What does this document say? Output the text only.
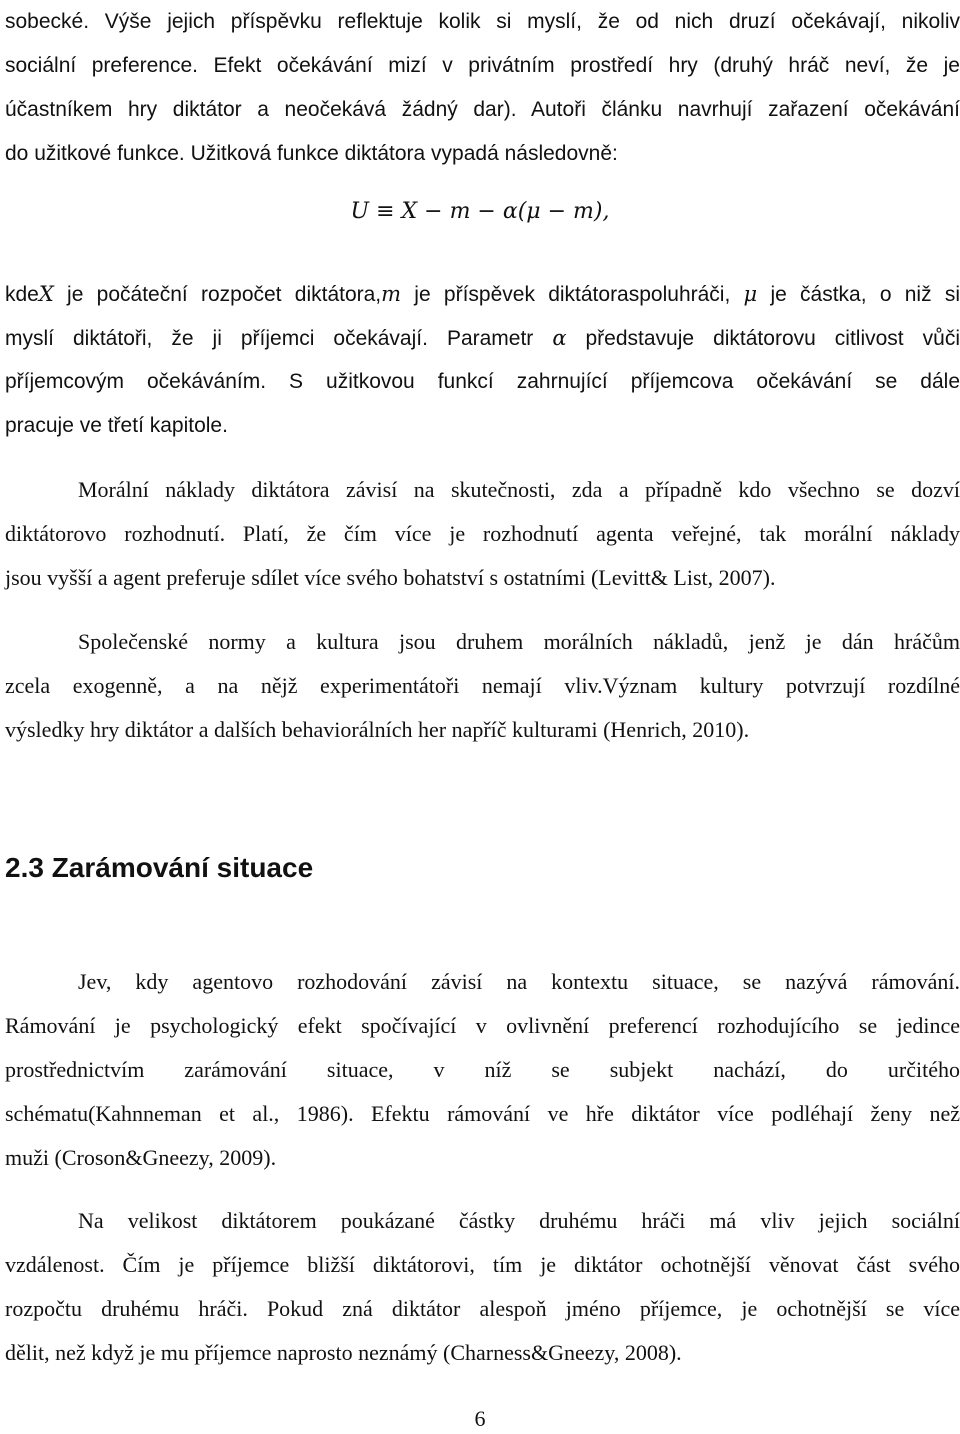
sobecké. Výše jejich příspěvku reflektuje kolik si myslí, že od nich druzí očekávají, nikoliv
sociální preference. Efekt očekávání mizí v privátním prostředí hry (druhý hráč neví, že je
účastníkem hry diktátor a neočekává žádný dar). Autoři článku navrhují zařazení očekávání
do užitkové funkce. Užitková funkce diktátora vypadá následovně:
U ≡ X − m − α(μ − m),
kdeX je počáteční rozpočet diktátora,m je příspěvek diktátoraspoluhráči, μ je částka, o niž si
myslí diktátoři, že ji příjemci očekávají. Parametr α představuje diktátorovu citlivost vůči
příjemcovým očekáváním. S užitkovou funkcí zahrnující příjemcova očekávání se dále
pracuje ve třetí kapitole.
Morální náklady diktátora závisí na skutečnosti, zda a případně kdo všechno se dozví
diktátorovo rozhodnutí. Platí, že čím více je rozhodnutí agenta veřejné, tak morální náklady
jsou vyšší a agent preferuje sdílet více svého bohatství s ostatními (Levitt& List, 2007).
Společenské normy a kultura jsou druhem morálních nákladů, jenž je dán hráčům
zcela exogenně, a na nějž experimentátoři nemají vliv.Význam kultury potvrzují rozdílné
výsledky hry diktátor a dalších behaviorálních her napříč kulturami (Henrich, 2010).
2.3 Zarámování situace
Jev, kdy agentovo rozhodování závisí na kontextu situace, se nazývá rámování.
Rámování je psychologický efekt spočívající v ovlivnění preferencí rozhodujícího se jedince
prostřednictvím zarámování situace, v níž se subjekt nachází, do určitého
schématu(Kahnneman et al., 1986). Efektu rámování ve hře diktátor více podléhají ženy než
muži (Croson&Gneezy, 2009).
Na velikost diktátorem poukázané částky druhému hráči má vliv jejich sociální
vzdálenost. Čím je příjemce bližší diktátorovi, tím je diktátor ochotnější věnovat část svého
rozpočtu druhému hráči. Pokud zná diktátor alespoň jméno příjemce, je ochotnější se více
dělit, než když je mu příjemce naprosto neznámý (Charness&Gneezy, 2008).
6
